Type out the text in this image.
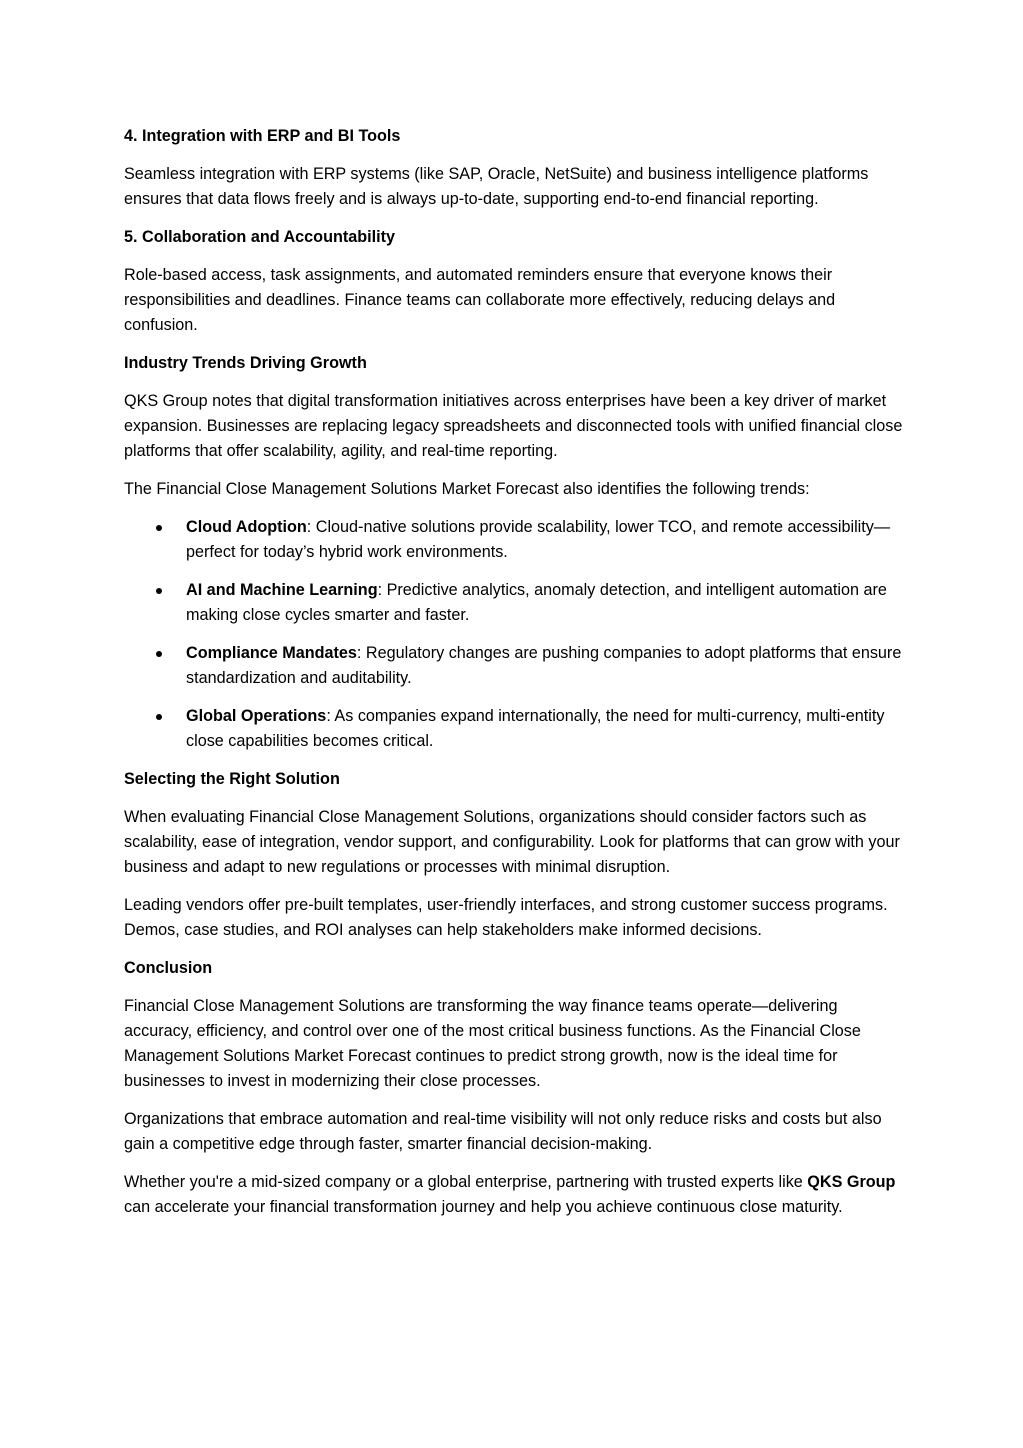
4. Integration with ERP and BI Tools
Seamless integration with ERP systems (like SAP, Oracle, NetSuite) and business intelligence platforms ensures that data flows freely and is always up-to-date, supporting end-to-end financial reporting.
5. Collaboration and Accountability
Role-based access, task assignments, and automated reminders ensure that everyone knows their responsibilities and deadlines. Finance teams can collaborate more effectively, reducing delays and confusion.
Industry Trends Driving Growth
QKS Group notes that digital transformation initiatives across enterprises have been a key driver of market expansion. Businesses are replacing legacy spreadsheets and disconnected tools with unified financial close platforms that offer scalability, agility, and real-time reporting.
The Financial Close Management Solutions Market Forecast also identifies the following trends:
Cloud Adoption: Cloud-native solutions provide scalability, lower TCO, and remote accessibility—perfect for today’s hybrid work environments.
AI and Machine Learning: Predictive analytics, anomaly detection, and intelligent automation are making close cycles smarter and faster.
Compliance Mandates: Regulatory changes are pushing companies to adopt platforms that ensure standardization and auditability.
Global Operations: As companies expand internationally, the need for multi-currency, multi-entity close capabilities becomes critical.
Selecting the Right Solution
When evaluating Financial Close Management Solutions, organizations should consider factors such as scalability, ease of integration, vendor support, and configurability. Look for platforms that can grow with your business and adapt to new regulations or processes with minimal disruption.
Leading vendors offer pre-built templates, user-friendly interfaces, and strong customer success programs. Demos, case studies, and ROI analyses can help stakeholders make informed decisions.
Conclusion
Financial Close Management Solutions are transforming the way finance teams operate—delivering accuracy, efficiency, and control over one of the most critical business functions. As the Financial Close Management Solutions Market Forecast continues to predict strong growth, now is the ideal time for businesses to invest in modernizing their close processes.
Organizations that embrace automation and real-time visibility will not only reduce risks and costs but also gain a competitive edge through faster, smarter financial decision-making.
Whether you're a mid-sized company or a global enterprise, partnering with trusted experts like QKS Group can accelerate your financial transformation journey and help you achieve continuous close maturity.
